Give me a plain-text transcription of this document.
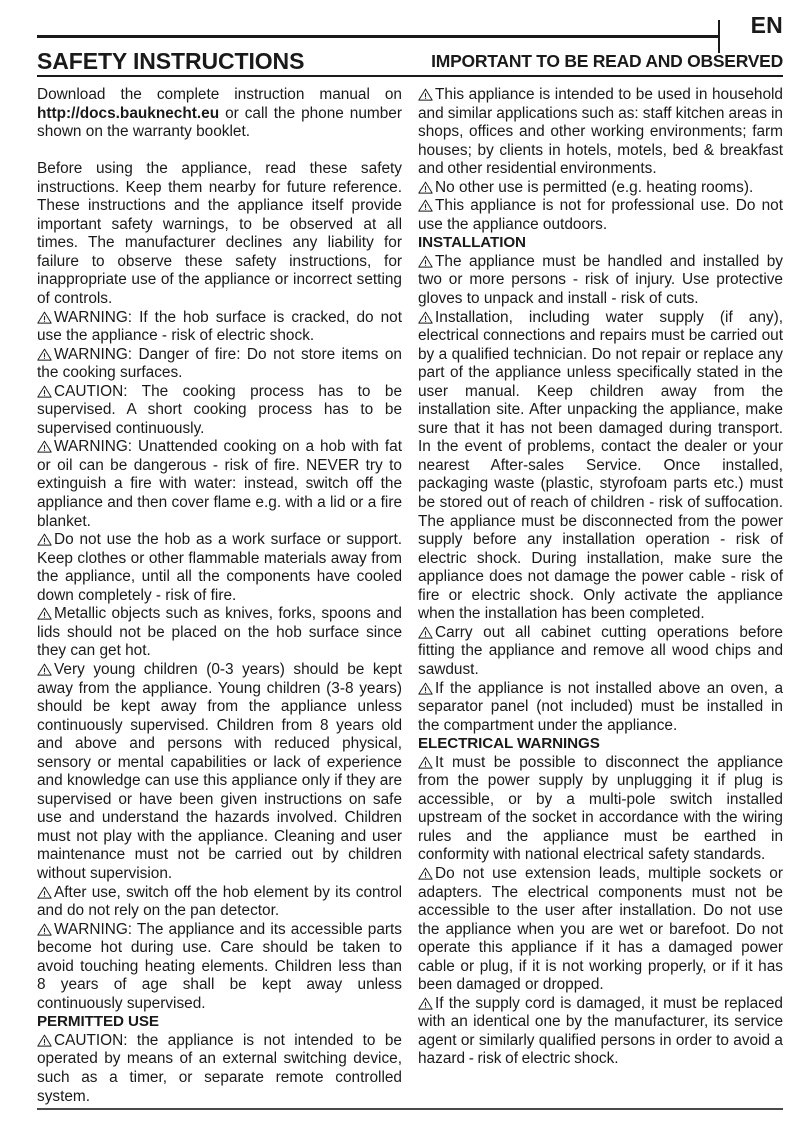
EN
SAFETY INSTRUCTIONS	IMPORTANT TO BE READ AND OBSERVED

Download the complete instruction manual on http://docs.bauknecht.eu or call the phone number shown on the warranty booklet.

Before using the appliance, read these safety instructions. Keep them nearby for future reference. These instructions and the appliance itself provide important safety warnings, to be observed at all times. The manufacturer declines any liability for failure to observe these safety instructions, for inappropriate use of the appliance or incorrect setting of controls.

WARNING: If the hob surface is cracked, do not use the appliance - risk of electric shock.

WARNING: Danger of fire: Do not store items on the cooking surfaces.

CAUTION: The cooking process has to be supervised. A short cooking process has to be supervised continuously.

WARNING: Unattended cooking on a hob with fat or oil can be dangerous - risk of fire. NEVER try to extinguish a fire with water: instead, switch off the appliance and then cover flame e.g. with a lid or a fire blanket.

Do not use the hob as a work surface or support. Keep clothes or other flammable materials away from the appliance, until all the components have cooled down completely - risk of fire.

Metallic objects such as knives, forks, spoons and lids should not be placed on the hob surface since they can get hot.

Very young children (0-3 years) should be kept away from the appliance. Young children (3-8 years) should be kept away from the appliance unless continuously supervised. Children from 8 years old and above and persons with reduced physical, sensory or mental capabilities or lack of experience and knowledge can use this appliance only if they are supervised or have been given instructions on safe use and understand the hazards involved. Children must not play with the appliance. Cleaning and user maintenance must not be carried out by children without supervision.

After use, switch off the hob element by its control and do not rely on the pan detector.

WARNING: The appliance and its accessible parts become hot during use. Care should be taken to avoid touching heating elements. Children less than 8 years of age shall be kept away unless continuously supervised.

PERMITTED USE

CAUTION: the appliance is not intended to be operated by means of an external switching device, such as a timer, or separate remote controlled system.

This appliance is intended to be used in household and similar applications such as: staff kitchen areas in shops, offices and other working environments; farm houses; by clients in hotels, motels, bed & breakfast and other residential environments.

No other use is permitted (e.g. heating rooms).

This appliance is not for professional use. Do not use the appliance outdoors.

INSTALLATION

The appliance must be handled and installed by two or more persons - risk of injury. Use protective gloves to unpack and install - risk of cuts.

Installation, including water supply (if any), electrical connections and repairs must be carried out by a qualified technician. Do not repair or replace any part of the appliance unless specifically stated in the user manual. Keep children away from the installation site. After unpacking the appliance, make sure that it has not been damaged during transport. In the event of problems, contact the dealer or your nearest After-sales Service. Once installed, packaging waste (plastic, styrofoam parts etc.) must be stored out of reach of children - risk of suffocation. The appliance must be disconnected from the power supply before any installation operation - risk of electric shock. During installation, make sure the appliance does not damage the power cable - risk of fire or electric shock. Only activate the appliance when the installation has been completed.

Carry out all cabinet cutting operations before fitting the appliance and remove all wood chips and sawdust.

If the appliance is not installed above an oven, a separator panel (not included) must be installed in the compartment under the appliance.

ELECTRICAL WARNINGS

It must be possible to disconnect the appliance from the power supply by unplugging it if plug is accessible, or by a multi-pole switch installed upstream of the socket in accordance with the wiring rules and the appliance must be earthed in conformity with national electrical safety standards.

Do not use extension leads, multiple sockets or adapters. The electrical components must not be accessible to the user after installation. Do not use the appliance when you are wet or barefoot. Do not operate this appliance if it has a damaged power cable or plug, if it is not working properly, or if it has been damaged or dropped.

If the supply cord is damaged, it must be replaced with an identical one by the manufacturer, its service agent or similarly qualified persons in order to avoid a hazard - risk of electric shock.
